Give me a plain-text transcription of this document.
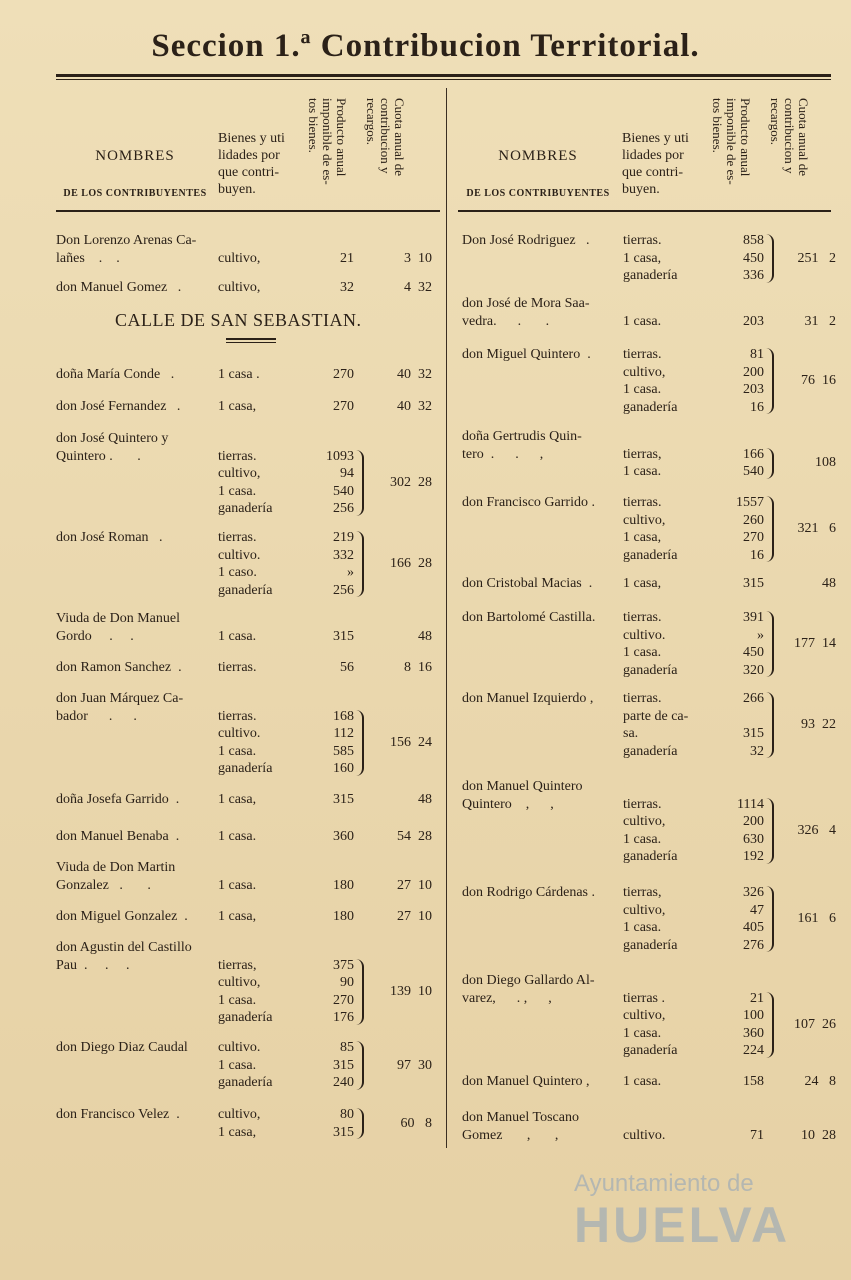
Seccion 1.ª Contribucion Territorial.
NOMBRES
DE LOS CONTRIBUYENTES
Bienes y uti
lidades por
que contri-
buyen.
Producto anual
imponible de es-
tos bienes.	Cuota anual de
contribucion y
recargos.
NOMBRES
DE LOS CONTRIBUYENTES
Bienes y uti
lidades por
que contri-
buyen.
Producto anual
imponible de es-
tos bienes.	Cuota anual de
contribucion y
recargos.
CALLE DE SAN SEBASTIAN.
Don Lorenzo Arenas Ca-
lañes    .    .	cultivo,	21	3  10
don Manuel Gomez   .	cultivo,	32	4  32
doña María Conde   .	1 casa .	270	40  32
don José Fernandez   .	1 casa,	270	40  32
don José Quintero y
Quintero .       .	tierras.	1093
cultivo,	94
1 casa.	540
ganadería	256
302  28
don José Roman   .	tierras.	219
cultivo.	332
1 caso.	»
ganadería	256
166  28
Viuda de Don Manuel
Gordo     .     .	1 casa.	315	48
don Ramon Sanchez  .	tierras.	56	8  16
don Juan Márquez Ca-
bador      .      .	tierras.	168
cultivo.	112
1 casa.	585
ganadería	160
156  24
doña Josefa Garrido  .	1 casa,	315	48
don Manuel Benaba  .	1 casa.	360	54  28
Viuda de Don Martin
Gonzalez   .       .	1 casa.	180	27  10
don Miguel Gonzalez  . 1 casa,	180	27  10
don Agustin del Castillo
Pau  .     .     .	tierras,	375
cultivo,	90
1 casa.	270
ganadería	176
139  10
don Diego Diaz Caudal cultivo.	85
1 casa.	315
ganadería	240
97  30
don Francisco Velez  .	cultivo,	80
1 casa,	315
60   8
Don José Rodriguez   . tierras.	858
1 casa,	450
ganadería	336
251   2
don José de Mora Saa-
vedra.      .       .	1 casa.	203	31   2
don Miguel Quintero  . tierras.	81
cultivo,	200
1 casa.	203
ganadería	16
76  16
doña Gertrudis Quin-
tero  .      .      ,	tierras,	166
1 casa.	540
108
don Francisco Garrido . tierras.	1557
cultivo,	260
1 casa,	270
ganadería	16
321   6
don Cristobal Macias  . 1 casa,	315	48
don Bartolomé Castilla. tierras.	391
cultivo.	»
1 casa.	450
ganadería	320
177  14
don Manuel Izquierdo , tierras.	266
parte de ca-
sa.	315
ganadería	32
93  22
don Manuel Quintero
Quintero    ,      ,	tierras.	1114
cultivo,	200
1 casa.	630
ganadería	192
326   4
don Rodrigo Cárdenas . tierras,	326
cultivo,	47
1 casa.	405
ganadería	276
161   6
don Diego Gallardo Al-
varez,      . ,      ,	tierras .	21
cultivo,	100
1 casa.	360
ganadería	224
107  26
don Manuel Quintero , 1 casa.	158	24   8
don Manuel Toscano
Gomez       ,       ,	cultivo.	71	10  28
Ayuntamiento de
HUELVA
